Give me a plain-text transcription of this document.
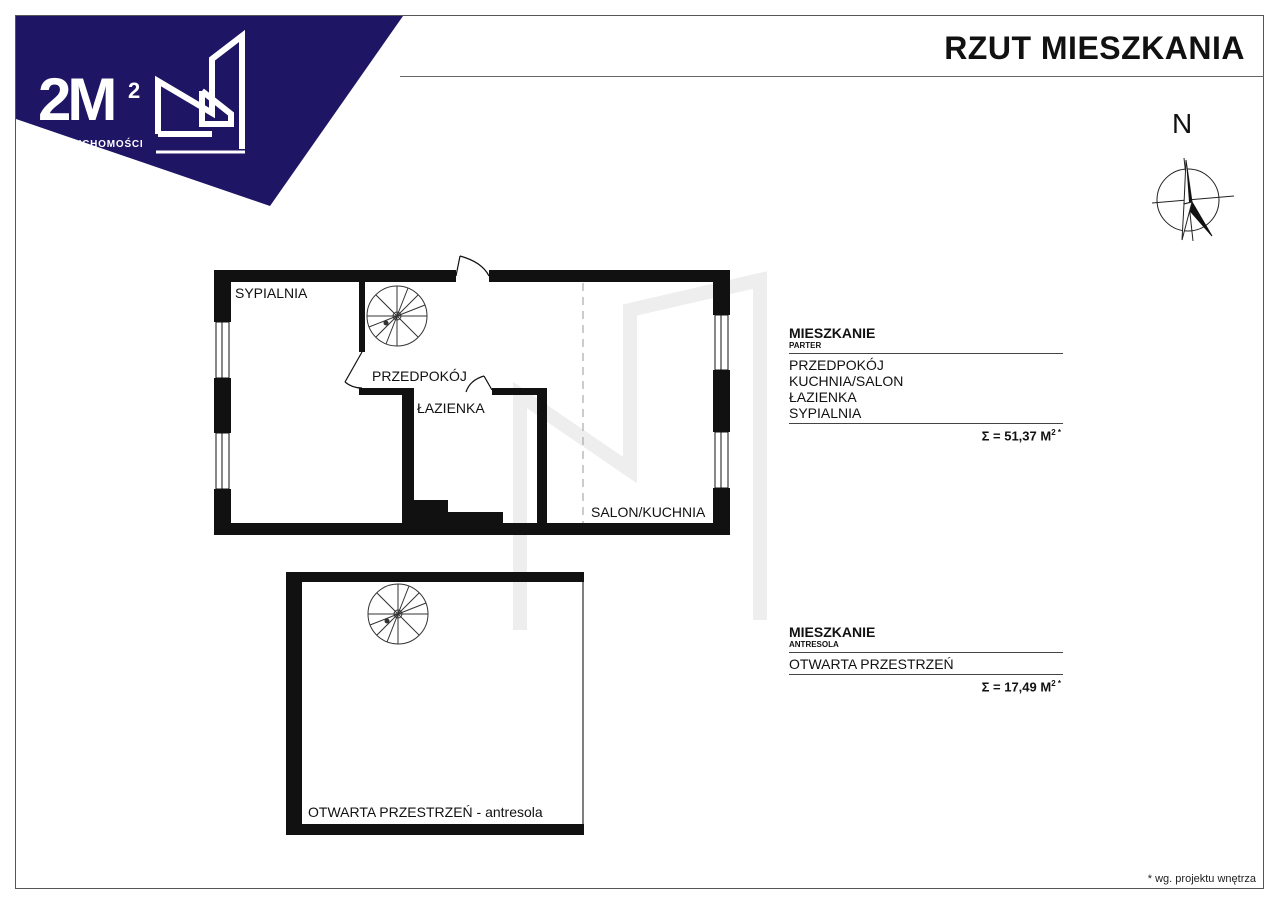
2M 2
NIERUCHOMOŚCI
RZUT MIESZKANIA
N
SYPIALNIA
PRZEDPOKÓJ
ŁAZIENKA
SALON/KUCHNIA
OTWARTA PRZESTRZEŃ - antresola
MIESZKANIE
PARTER
PRZEDPOKÓJ
KUCHNIA/SALON
ŁAZIENKA
SYPIALNIA
Σ = 51,37 $M^{2 *}$
MIESZKANIE
ANTRESOLA
OTWARTA PRZESTRZEŃ
Σ = 17,49 $M^{2 *}$
* wg. projektu wnętrza
